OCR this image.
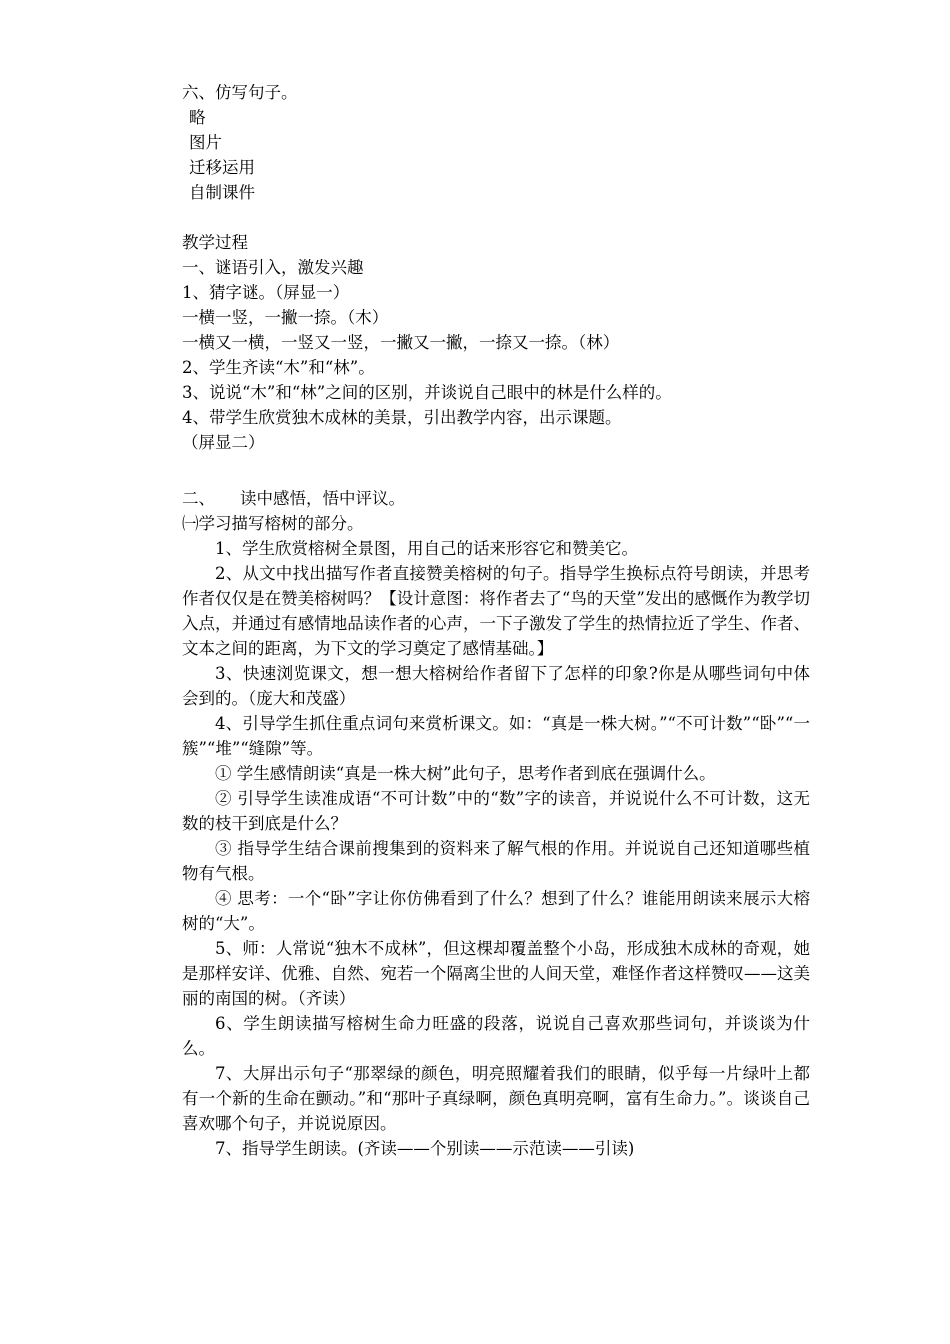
六、仿写句子。
略
图片
迁移运用
自制课件
教学过程
一、谜语引入，激发兴趣
1、猜字谜。（屏显一）
一横一竖，一撇一捺。（木）
一横又一横，一竖又一竖，一撇又一撇，一捺又一捺。（林）
2、学生齐读“木”和“林”。
3、说说“木”和“林”之间的区别，并谈说自己眼中的林是什么样的。
4、带学生欣赏独木成林的美景，引出教学内容，出示课题。
（屏显二）
二、 读中感悟，悟中评议。
㈠学习描写榕树的部分。

1、学生欣赏榕树全景图，用自己的话来形容它和赞美它。

2、从文中找出描写作者直接赞美榕树的句子。指导学生换标点符号朗读，并思考作者仅仅是在赞美榕树吗？【设计意图：将作者去了“鸟的天堂”发出的感慨作为教学切入点，并通过有感情地品读作者的心声，一下子激发了学生的热情拉近了学生、作者、文本之间的距离，为下文的学习奠定了感情基础。】

3、快速浏览课文，想一想大榕树给作者留下了怎样的印象?你是从哪些词句中体会到的。（庞大和茂盛）

4、引导学生抓住重点词句来赏析课文。如：“真是一株大树。”“不可计数”“卧”“一簇”“堆”“缝隙”等。

① 学生感情朗读“真是一株大树”此句子，思考作者到底在强调什么。

② 引导学生读准成语“不可计数”中的“数”字的读音，并说说什么不可计数，这无数的枝干到底是什么？

③ 指导学生结合课前搜集到的资料来了解气根的作用。并说说自己还知道哪些植物有气根。

④ 思考：一个“卧”字让你仿佛看到了什么？想到了什么？谁能用朗读来展示大榕树的“大”。

5、师：人常说“独木不成林”，但这棵却覆盖整个小岛，形成独木成林的奇观，她是那样安详、优雅、自然、宛若一个隔离尘世的人间天堂，难怪作者这样赞叹——这美丽的南国的树。（齐读）

6、学生朗读描写榕树生命力旺盛的段落，说说自己喜欢那些词句，并谈谈为什么。

7、大屏出示句子“那翠绿的颜色，明亮照耀着我们的眼睛，似乎每一片绿叶上都有一个新的生命在颤动。”和“那叶子真绿啊，颜色真明亮啊，富有生命力。”。谈谈自己喜欢哪个句子，并说说原因。

7、指导学生朗读。(齐读——个别读——示范读——引读)
